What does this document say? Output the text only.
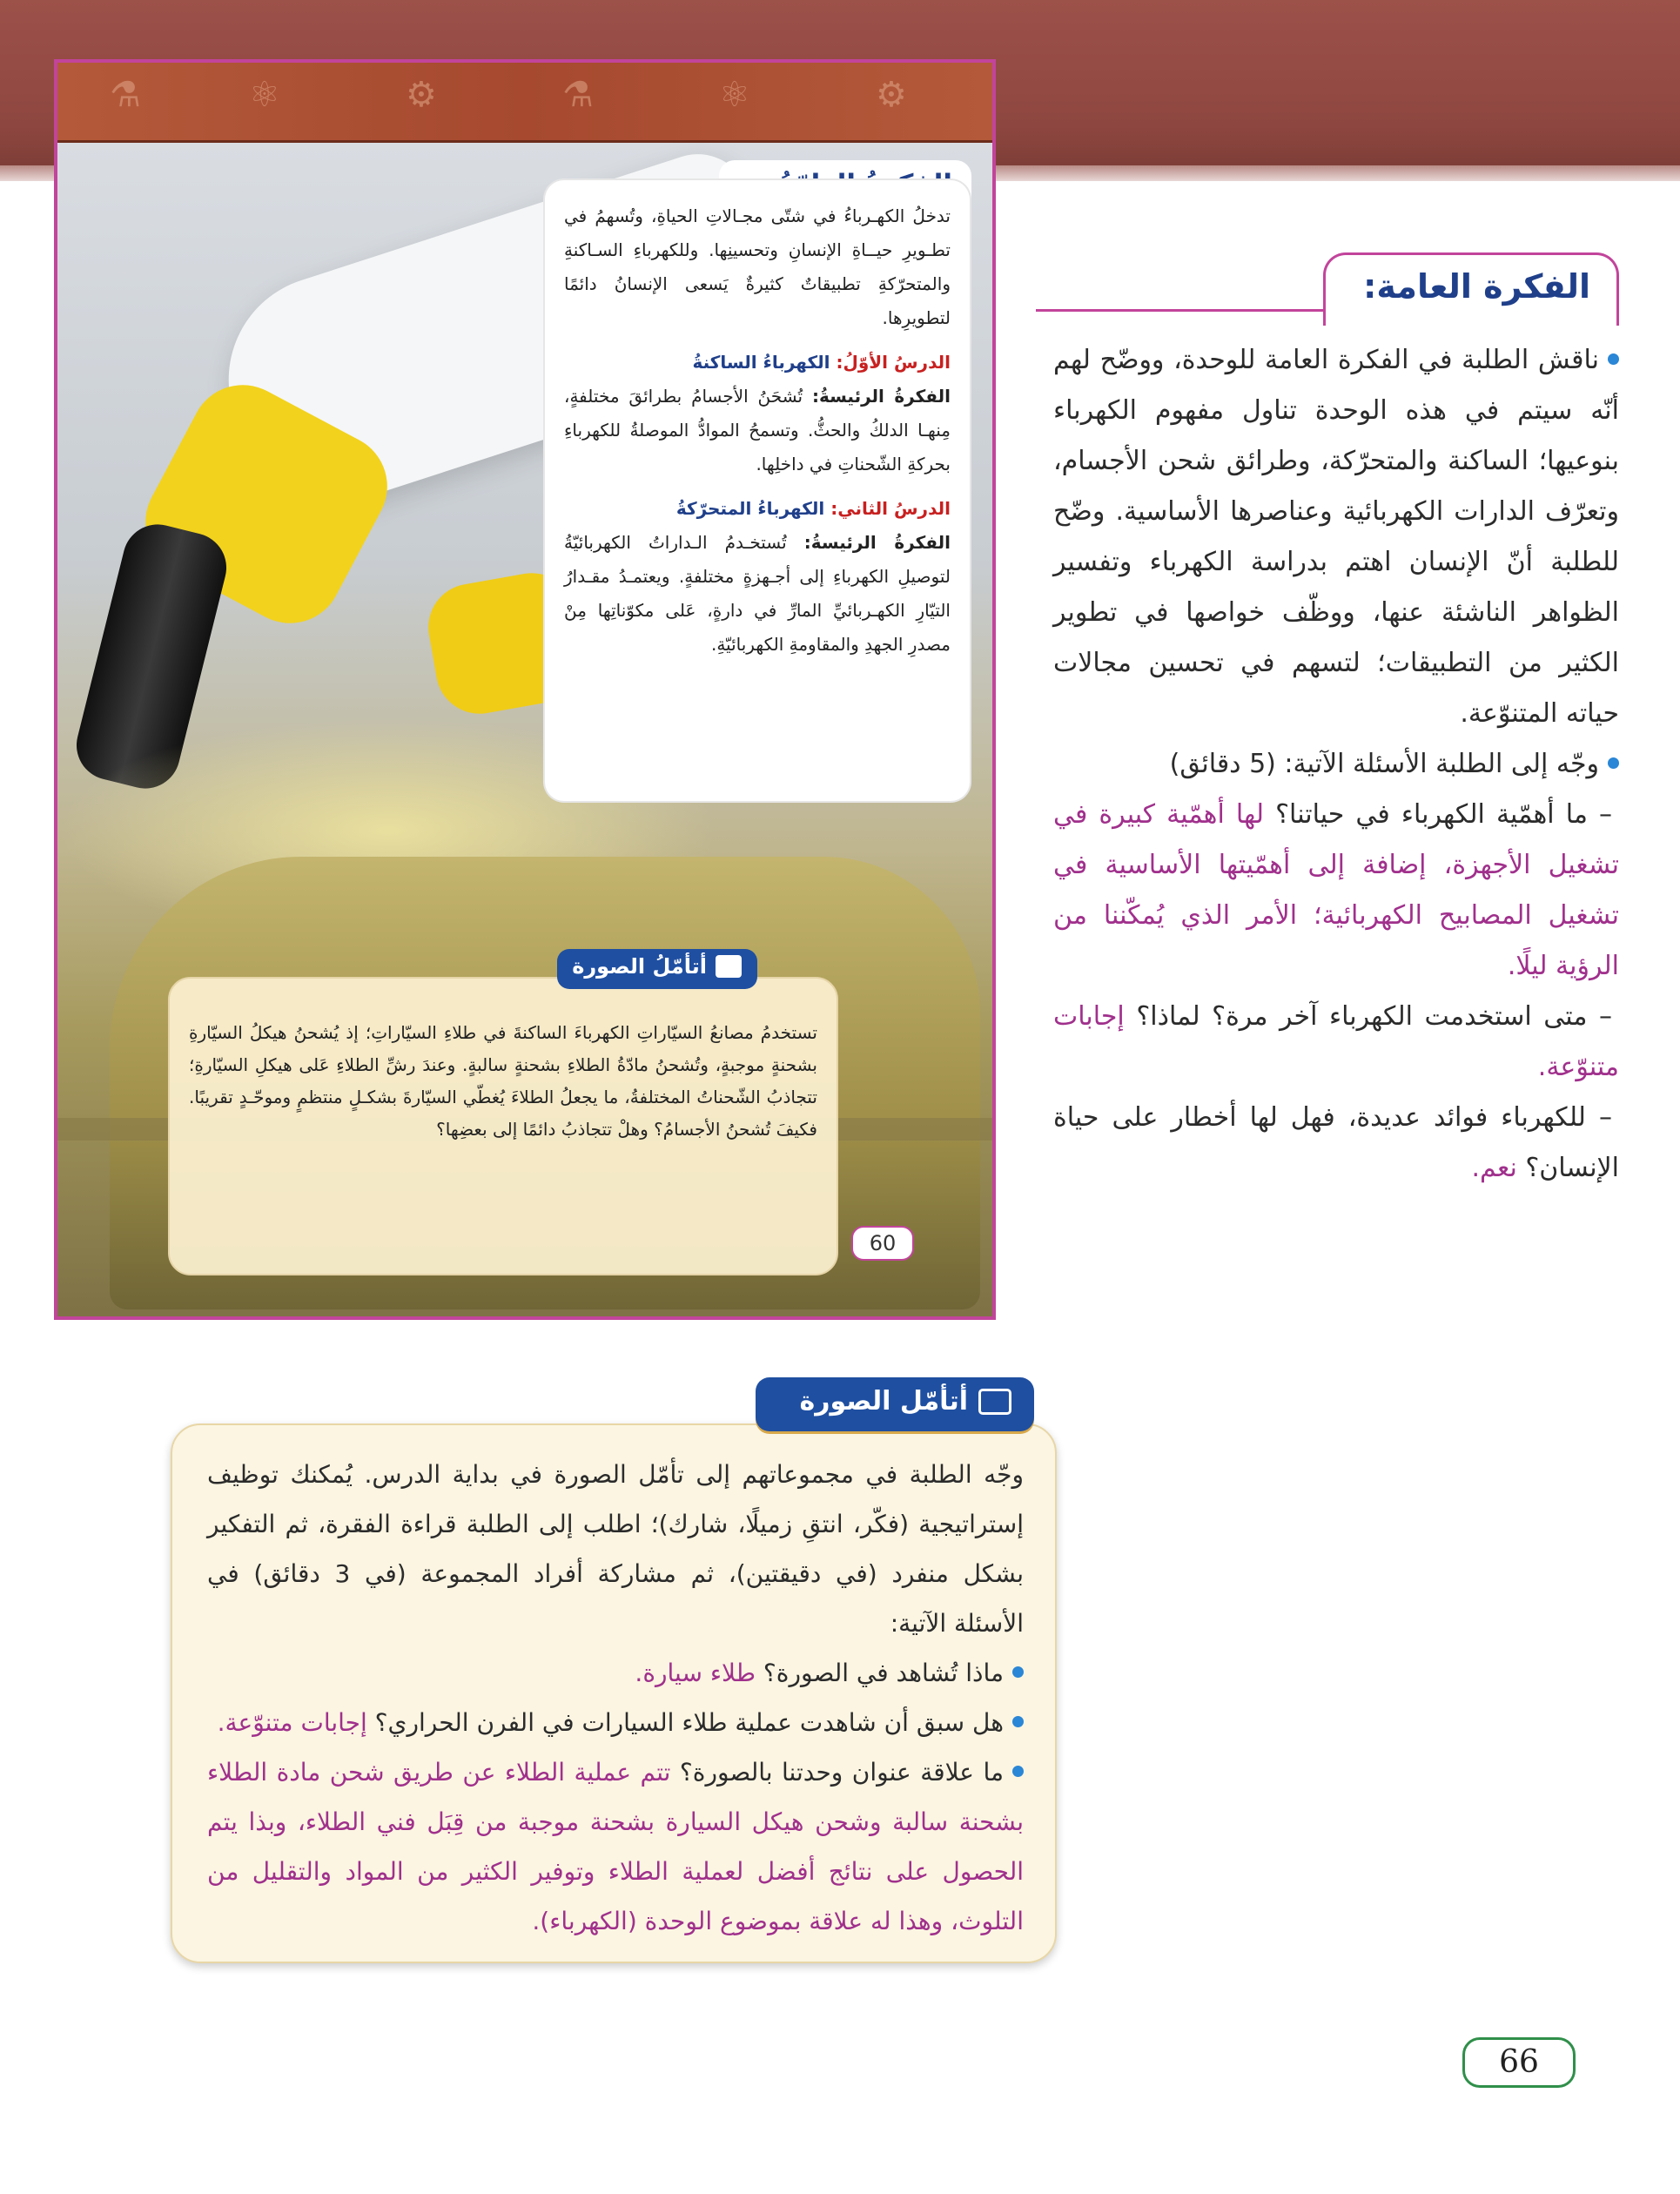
⚗	⚛	⚙	⚗	⚛	⚙

تدخلُ الكهـرباءُ في شتّى مجـالاتِ الحياةِ، وتُسهمُ في تطـويرِ حيــاةِ الإنسانِ وتحسينِها. وللكهرباءِ السـاكنةِ والمتحرّكةِ تطبيقاتٌ كثيرةٌ يَسعى الإنسانُ دائمًا لتطويرِها.

الدرسُ الأوّلُ: الكهرباءُ الساكنةُ

الفكرةُ الرئيسةُ: تُشحَنُ الأجسامُ بطرائقَ مختلفةٍ، مِنهـا الدلكُ والحثُّ. وتسمحُ الموادُّ الموصلةُ للكهرباءِ بحركةِ الشّحناتِ في داخلِها.

الدرسُ الثاني: الكهرباءُ المتحرّكةُ

الفكرةُ الرئيسةُ: تُستخـدمُ الـداراتُ الكهربائيّةُ لتوصيلِ الكهرباءِ إلى أجـهزةٍ مختلفةٍ. ويعتمـدُ مقـدارُ التيّارِ الكهـربائيِّ المارِّ في دارةٍ، عَلى مكوّناتِها مِنْ مصدرِ الجهدِ والمقاومةِ الكهربائيّةِ.

تستخدمُ مصانعُ السيّاراتِ الكهرباءَ الساكنةَ في طلاءِ السيّاراتِ؛ إذ يُشحنُ هيكلُ السيّارةِ بشحنةٍ موجبةٍ، وتُشحنُ مادّةُ الطلاءِ بشحنةٍ سالبةٍ. وعندَ رشِّ الطلاءِ عَلى هيكلِ السيّارةِ؛ تتجاذبُ الشّحناتُ المختلفةُ، ما يجعلُ الطلاءَ يُغطّي السيّارةَ بشكـلٍ منتظمٍ وموحّـدٍ تقريبًا. فكيفَ تُشحنُ الأجسامُ؟ وهلْ تتجاذبُ دائمًا إلى بعضِها؟
أتأمّلُ الصورة
60
الفكرة العامة:

ناقش الطلبة في الفكرة العامة للوحدة، ووضّح لهم أنّه سيتم في هذه الوحدة تناول مفهوم الكهرباء بنوعيها؛ الساكنة والمتحرّكة، وطرائق شحن الأجسام، وتعرّف الدارات الكهربائية وعناصرها الأساسية. وضّح للطلبة أنّ الإنسان اهتم بدراسة الكهرباء وتفسير الظواهر الناشئة عنها، ووظّف خواصها في تطوير الكثير من التطبيقات؛ لتسهم في تحسين مجالات حياته المتنوّعة.

وجّه إلى الطلبة الأسئلة الآتية: (5 دقائق)

– ما أهمّية الكهرباء في حياتنا؟ لها أهمّية كبيرة في تشغيل الأجهزة، إضافة إلى أهمّيتها الأساسية في تشغيل المصابيح الكهربائية؛ الأمر الذي يُمكّننا من الرؤية ليلًا.

– متى استخدمت الكهرباء آخر مرة؟ لماذا؟ إجابات متنوّعة.

– للكهرباء فوائد عديدة، فهل لها أخطار على حياة الإنسان؟ نعم.

وجّه الطلبة في مجموعاتهم إلى تأمّل الصورة في بداية الدرس. يُمكنك توظيف إستراتيجية (فكّر، انتقِ زميلًا، شارك)؛ اطلب إلى الطلبة قراءة الفقرة، ثم التفكير بشكل منفرد (في دقيقتين)، ثم مشاركة أفراد المجموعة (في 3 دقائق) في الأسئلة الآتية:

ماذا تُشاهد في الصورة؟ طلاء سيارة.

هل سبق أن شاهدت عملية طلاء السيارات في الفرن الحراري؟ إجابات متنوّعة.

ما علاقة عنوان وحدتنا بالصورة؟ تتم عملية الطلاء عن طريق شحن مادة الطلاء بشحنة سالبة وشحن هيكل السيارة بشحنة موجبة من قِبَل فني الطلاء، وبذا يتم الحصول على نتائج أفضل لعملية الطلاء وتوفير الكثير من المواد والتقليل من التلوث، وهذا له علاقة بموضوع الوحدة (الكهرباء).

أتأمّل الصورة
66
